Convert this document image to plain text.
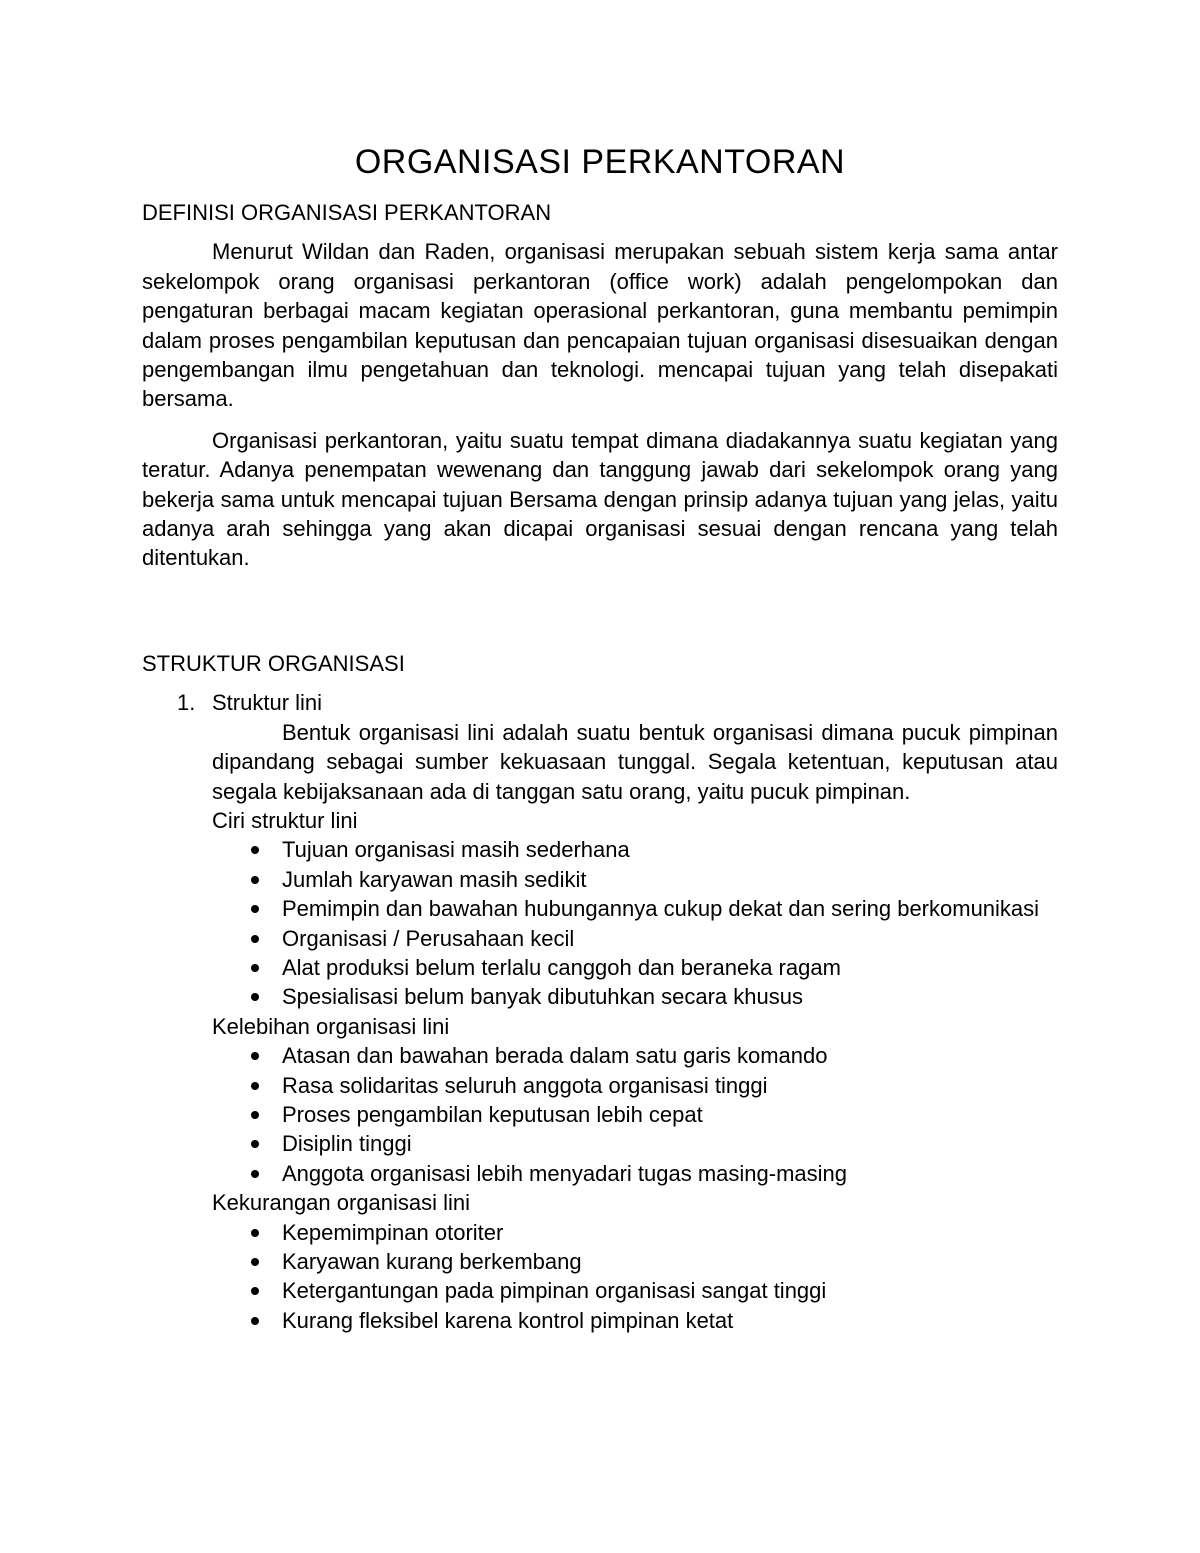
ORGANISASI PERKANTORAN
DEFINISI ORGANISASI PERKANTORAN

Menurut Wildan dan Raden, organisasi merupakan sebuah sistem kerja sama antar sekelompok orang organisasi perkantoran (office work) adalah pengelompokan dan pengaturan berbagai macam kegiatan operasional perkantoran, guna membantu pemimpin dalam proses pengambilan keputusan dan pencapaian tujuan organisasi disesuaikan dengan pengembangan ilmu pengetahuan dan teknologi. mencapai tujuan yang telah disepakati bersama.

Organisasi perkantoran, yaitu suatu tempat dimana diadakannya suatu kegiatan yang teratur. Adanya penempatan wewenang dan tanggung jawab dari sekelompok orang yang bekerja sama untuk mencapai tujuan Bersama dengan prinsip adanya tujuan yang jelas, yaitu adanya arah sehingga yang akan dicapai organisasi sesuai dengan rencana yang telah ditentukan.

STRUKTUR ORGANISASI
1. Struktur lini

Bentuk organisasi lini adalah suatu bentuk organisasi dimana pucuk pimpinan dipandang sebagai sumber kekuasaan tunggal. Segala ketentuan, keputusan atau segala kebijaksanaan ada di tanggan satu orang, yaitu pucuk pimpinan.

Ciri struktur lini
Tujuan organisasi masih sederhana
Jumlah karyawan masih sedikit
Pemimpin dan bawahan hubungannya cukup dekat dan sering berkomunikasi
Organisasi / Perusahaan kecil
Alat produksi belum terlalu canggoh dan beraneka ragam
Spesialisasi belum banyak dibutuhkan secara khusus
Kelebihan organisasi lini
Atasan dan bawahan berada dalam satu garis komando
Rasa solidaritas seluruh anggota organisasi tinggi
Proses pengambilan keputusan lebih cepat
Disiplin tinggi
Anggota organisasi lebih menyadari tugas masing-masing
Kekurangan organisasi lini
Kepemimpinan otoriter
Karyawan kurang berkembang
Ketergantungan pada pimpinan organisasi sangat tinggi
Kurang fleksibel karena kontrol pimpinan ketat
